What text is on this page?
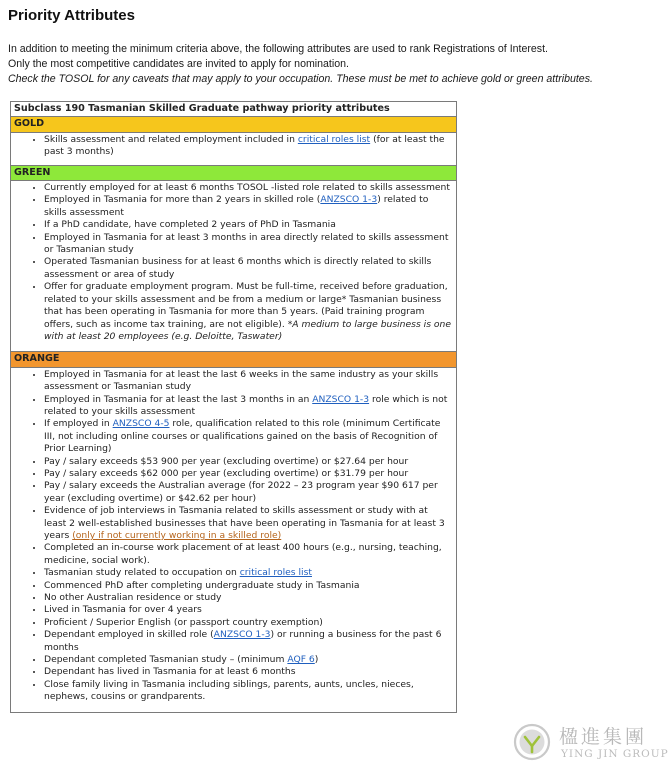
Priority Attributes
In addition to meeting the minimum criteria above, the following attributes are used to rank Registrations of Interest.
Only the most competitive candidates are invited to apply for nomination.
Check the TOSOL for any caveats that may apply to your occupation. These must be met to achieve gold or green attributes.
Subclass 190 Tasmanian Skilled Graduate pathway priority attributes
GOLD
• Skills assessment and related employment included in critical roles list (for at least the past 3 months)
GREEN
• Currently employed for at least 6 months TOSOL -listed role related to skills assessment
• Employed in Tasmania for more than 2 years in skilled role (ANZSCO 1-3) related to skills assessment
• If a PhD candidate, have completed 2 years of PhD in Tasmania
• Employed in Tasmania for at least 3 months in area directly related to skills assessment or Tasmanian study
• Operated Tasmanian business for at least 6 months which is directly related to skills assessment or area of study
• Offer for graduate employment program. Must be full-time, received before graduation, related to your skills assessment and be from a medium or large* Tasmanian business that has been operating in Tasmania for more than 5 years. (Paid training program offers, such as income tax training, are not eligible). *A medium to large business is one with at least 20 employees (e.g. Deloitte, Taswater)
ORANGE
• Employed in Tasmania for at least the last 6 weeks in the same industry as your skills assessment or Tasmanian study
• Employed in Tasmania for at least the last 3 months in an ANZSCO 1-3 role which is not related to your skills assessment
• If employed in ANZSCO 4-5 role, qualification related to this role (minimum Certificate III, not including online courses or qualifications gained on the basis of Recognition of Prior Learning)
• Pay / salary exceeds $53 900 per year (excluding overtime) or $27.64 per hour
• Pay / salary exceeds $62 000 per year (excluding overtime) or $31.79 per hour
• Pay / salary exceeds the Australian average (for 2022 – 23 program year $90 617 per year (excluding overtime) or $42.62 per hour)
• Evidence of job interviews in Tasmania related to skills assessment or study with at least 2 well-established businesses that have been operating in Tasmania for at least 3 years (only if not currently working in a skilled role)
• Completed an in-course work placement of at least 400 hours (e.g., nursing, teaching, medicine, social work).
• Tasmanian study related to occupation on critical roles list
• Commenced PhD after completing undergraduate study in Tasmania
• No other Australian residence or study
• Lived in Tasmania for over 4 years
• Proficient / Superior English (or passport country exemption)
• Dependant employed in skilled role (ANZSCO 1-3) or running a business for the past 6 months
• Dependant completed Tasmanian study – (minimum AQF 6)
• Dependant has lived in Tasmania for at least 6 months
• Close family living in Tasmania including siblings, parents, aunts, uncles, nieces, nephews, cousins or grandparents.
楹進集團
YING JIN GROUP
